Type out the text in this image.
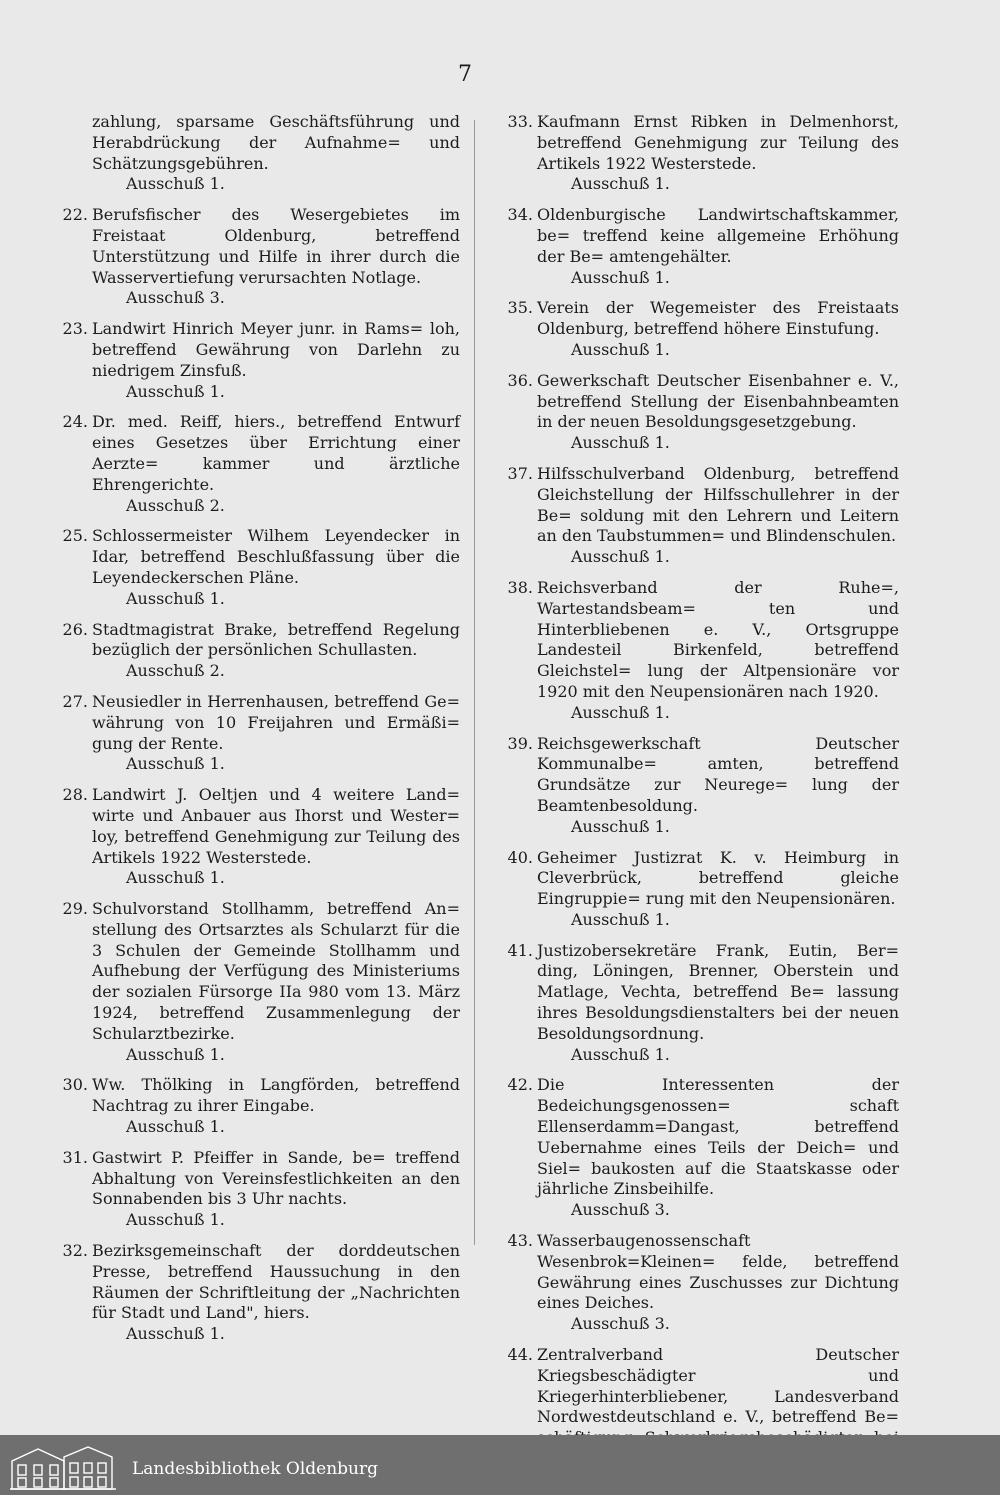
7
zahlung, sparsame Geschäftsführung und Herabdrückung der Aufnahme= und Schätzungsgebühren.
Ausschuß 1.
22. Berufsfischer des Wesergebietes im Freistaat Oldenburg, betreffend Unterstützung und Hilfe in ihrer durch die Wasservertiefung verursachten Notlage.
Ausschuß 3.
23. Landwirt Hinrich Meyer junr. in Rams= loh, betreffend Gewährung von Darlehn zu niedrigem Zinsfuß.
Ausschuß 1.
24. Dr. med. Reiff, hiers., betreffend Entwurf eines Gesetzes über Errichtung einer Aerzte= kammer und ärztliche Ehrengerichte.
Ausschuß 2.
25. Schlossermeister Wilhem Leyendecker in Idar, betreffend Beschlußfassung über die Leyendeckerschen Pläne.
Ausschuß 1.
26. Stadtmagistrat Brake, betreffend Regelung bezüglich der persönlichen Schullasten.
Ausschuß 2.
27. Neusiedler in Herrenhausen, betreffend Ge= währung von 10 Freijahren und Ermäßi= gung der Rente.
Ausschuß 1.
28. Landwirt J. Oeltjen und 4 weitere Land= wirte und Anbauer aus Ihorst und Wester= loy, betreffend Genehmigung zur Teilung des Artikels 1922 Westerstede.
Ausschuß 1.
29. Schulvorstand Stollhamm, betreffend An= stellung des Ortsarztes als Schularzt für die 3 Schulen der Gemeinde Stollhamm und Aufhebung der Verfügung des Ministeriums der sozialen Fürsorge IIa 980 vom 13. März 1924, betreffend Zusammenlegung der Schularztbezirke.
Ausschuß 1.
30. Ww. Thölking in Langförden, betreffend Nachtrag zu ihrer Eingabe.
Ausschuß 1.
31. Gastwirt P. Pfeiffer in Sande, be= treffend Abhaltung von Vereinsfestlichkeiten an den Sonnabenden bis 3 Uhr nachts.
Ausschuß 1.
32. Bezirksgemeinschaft der dorddeutschen Presse, betreffend Haussuchung in den Räumen der Schriftleitung der „Nachrichten für Stadt und Land", hiers.
Ausschuß 1.
33. Kaufmann Ernst Ribken in Delmenhorst, betreffend Genehmigung zur Teilung des Artikels 1922 Westerstede.
Ausschuß 1.
34. Oldenburgische Landwirtschaftskammer, be= treffend keine allgemeine Erhöhung der Be= amtengehälter.
Ausschuß 1.
35. Verein der Wegemeister des Freistaats Oldenburg, betreffend höhere Einstufung.
Ausschuß 1.
36. Gewerkschaft Deutscher Eisenbahner e. V., betreffend Stellung der Eisenbahnbeamten in der neuen Besoldungsgesetzgebung.
Ausschuß 1.
37. Hilfsschulverband Oldenburg, betreffend Gleichstellung der Hilfsschullehrer in der Be= soldung mit den Lehrern und Leitern an den Taubstummen= und Blindenschulen.
Ausschuß 1.
38. Reichsverband der Ruhe=, Wartestandsbeam= ten und Hinterbliebenen e. V., Ortsgruppe Landesteil Birkenfeld, betreffend Gleichstel= lung der Altpensionäre vor 1920 mit den Neupensionären nach 1920.
Ausschuß 1.
39. Reichsgewerkschaft Deutscher Kommunalbe= amten, betreffend Grundsätze zur Neurege= lung der Beamtenbesoldung.
Ausschuß 1.
40. Geheimer Justizrat K. v. Heimburg in Cleverbrück, betreffend gleiche Eingruppie= rung mit den Neupensionären.
Ausschuß 1.
41. Justizobersekretäre Frank, Eutin, Ber= ding, Löningen, Brenner, Oberstein und Matlage, Vechta, betreffend Be= lassung ihres Besoldungsdienstalters bei der neuen Besoldungsordnung.
Ausschuß 1.
42. Die Interessenten der Bedeichungsgenossen= schaft Ellenserdamm=Dangast, betreffend Uebernahme eines Teils der Deich= und Siel= baukosten auf die Staatskasse oder jährliche Zinsbeihilfe.
Ausschuß 3.
43. Wasserbaugenossenschaft Wesenbrok=Kleinen= felde, betreffend Gewährung eines Zuschusses zur Dichtung eines Deiches.
Ausschuß 3.
44. Zentralverband Deutscher Kriegsbeschädigter und Kriegerhinterbliebener, Landesverband Nordwestdeutschland e. V., betreffend Be=
Landesbibliothek Oldenburg
